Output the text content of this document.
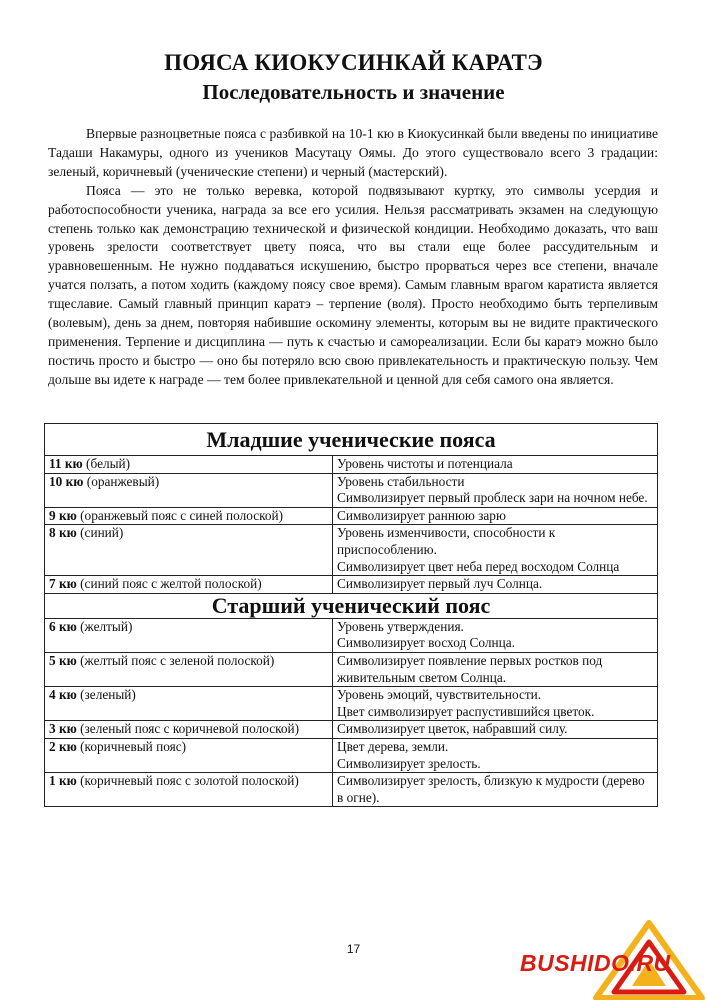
ПОЯСА КИОКУСИНКАЙ КАРАТЭ
Последовательность и значение

Впервые разноцветные пояса с разбивкой на 10-1 кю в Киокусинкай были введены по инициативе Тадаши Накамуры, одного из учеников Масутацу Оямы. До этого существовало всего 3 градации: зеленый, коричневый (ученические степени) и черный (мастерский).

Пояса — это не только веревка, которой подвязывают куртку, это символы усердия и работоспособности ученика, награда за все его усилия. Нельзя рассматривать экзамен на следующую степень только как демонстрацию технической и физической кондиции. Необходимо доказать, что ваш уровень зрелости соответствует цвету пояса, что вы стали еще более рассудительным и уравновешенным. Не нужно поддаваться искушению, быстро прорваться через все степени, вначале учатся ползать, а потом ходить (каждому поясу свое время). Самым главным врагом каратиста является тщеславие. Самый главный принцип каратэ – терпение (воля). Просто необходимо быть терпеливым (волевым), день за днем, повторяя набившие оскомину элементы, которым вы не видите практического применения. Терпение и дисциплина — путь к счастью и самореализации. Если бы каратэ можно было постичь просто и быстро — оно бы потеряло всю свою привлекательность и практическую пользу. Чем дольше вы идете к награде — тем более привлекательной и ценной для себя самого она является.

Младшие ученические пояса	
11 кю (белый)	Уровень чистоты и потенциала

10 кю (оранжевый)	Уровень стабильности
Символизирует первый проблеск зари на ночном небе.

9 кю (оранжевый пояс с синей полоской)	Символизирует раннюю зарю

8 кю (синий)	Уровень изменчивости, способности к приспособлению.
Символизирует цвет неба перед восходом Солнца

7 кю (синий пояс с желтой полоской)	Символизирует первый луч Солнца.

Старший ученический пояс	
6 кю (желтый)	Уровень утверждения.
Символизирует восход Солнца.

5 кю (желтый пояс с зеленой полоской)	Символизирует появление первых ростков под живительным светом Солнца.

4 кю (зеленый)	Уровень эмоций, чувствительности.
Цвет символизирует распустившийся цветок.

3 кю (зеленый пояс с коричневой полоской)	Символизирует цветок, набравший силу.

2 кю (коричневый пояс)	Цвет дерева, земли.
Символизирует зрелость.

1 кю (коричневый пояс с золотой полоской)	Символизирует зрелость, близкую к мудрости (дерево в огне).
17
BUSHIDO.RU
